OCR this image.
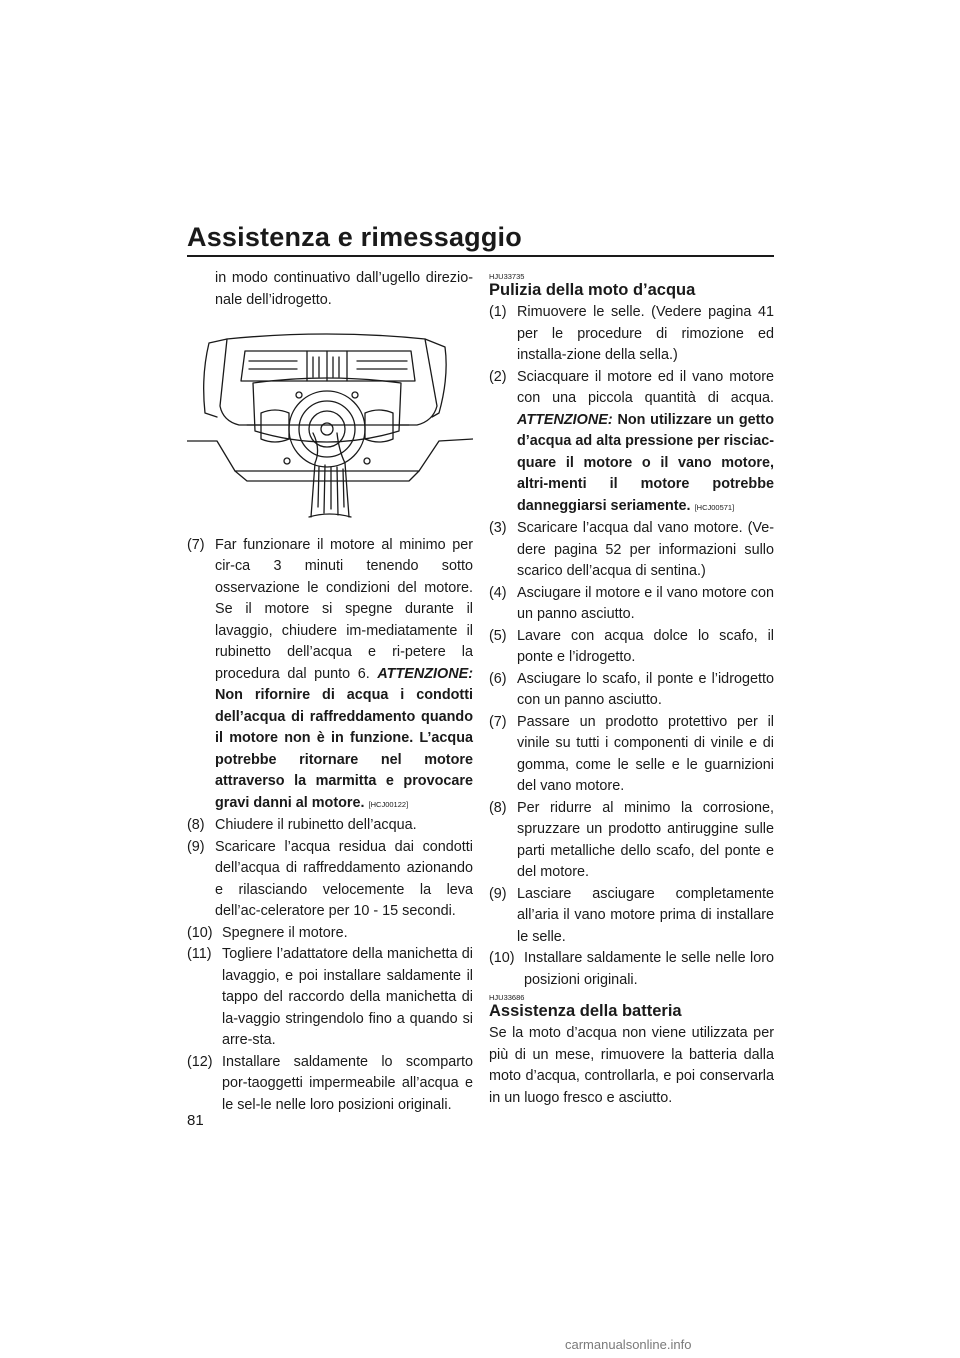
Assistenza e rimessaggio
in modo continuativo dall’ugello direzio-nale dell’idrogetto.
(7) Far funzionare il motore al minimo per cir-ca 3 minuti tenendo sotto osservazione le condizioni del motore. Se il motore si spegne durante il lavaggio, chiudere im-mediatamente il rubinetto dell’acqua e ri-petere la procedura dal punto 6. ATTENZIONE: Non rifornire di acqua i condotti dell’acqua di raffreddamento quando il motore non è in funzione. L’acqua potrebbe ritornare nel motore attraverso la marmitta e provocare gravi danni al motore. [HCJ00122]
(8) Chiudere il rubinetto dell’acqua.
(9) Scaricare l’acqua residua dai condotti dell’acqua di raffreddamento azionando e rilasciando velocemente la leva dell’ac-celeratore per 10 - 15 secondi.
(10) Spegnere il motore.
(11) Togliere l’adattatore della manichetta di lavaggio, e poi installare saldamente il tappo del raccordo della manichetta di la-vaggio stringendolo fino a quando si arre-sta.
(12) Installare saldamente lo scomparto por-taoggetti impermeabile all’acqua e le sel-le nelle loro posizioni originali.
HJU33735
Pulizia della moto d’acqua
(1) Rimuovere le selle. (Vedere pagina 41 per le procedure di rimozione ed installa-zione della sella.)
(2) Sciacquare il motore ed il vano motore con una piccola quantità di acqua. ATTENZIONE: Non utilizzare un getto d’acqua ad alta pressione per risciac-quare il motore o il vano motore, altri-menti il motore potrebbe danneggiarsi seriamente. [HCJ00571]
(3) Scaricare l’acqua dal vano motore. (Ve-dere pagina 52 per informazioni sullo scarico dell’acqua di sentina.)
(4) Asciugare il motore e il vano motore con un panno asciutto.
(5) Lavare con acqua dolce lo scafo, il ponte e l’idrogetto.
(6) Asciugare lo scafo, il ponte e l’idrogetto con un panno asciutto.
(7) Passare un prodotto protettivo per il vinile su tutti i componenti di vinile e di gomma, come le selle e le guarnizioni del vano motore.
(8) Per ridurre al minimo la corrosione, spruzzare un prodotto antiruggine sulle parti metalliche dello scafo, del ponte e del motore.
(9) Lasciare asciugare completamente all’aria il vano motore prima di installare le selle.
(10) Installare saldamente le selle nelle loro posizioni originali.
HJU33686
Assistenza della batteria
Se la moto d’acqua non viene utilizzata per più di un mese, rimuovere la batteria dalla moto d’acqua, controllarla, e poi conservarla in un luogo fresco e asciutto.
81
carmanualsonline.info
